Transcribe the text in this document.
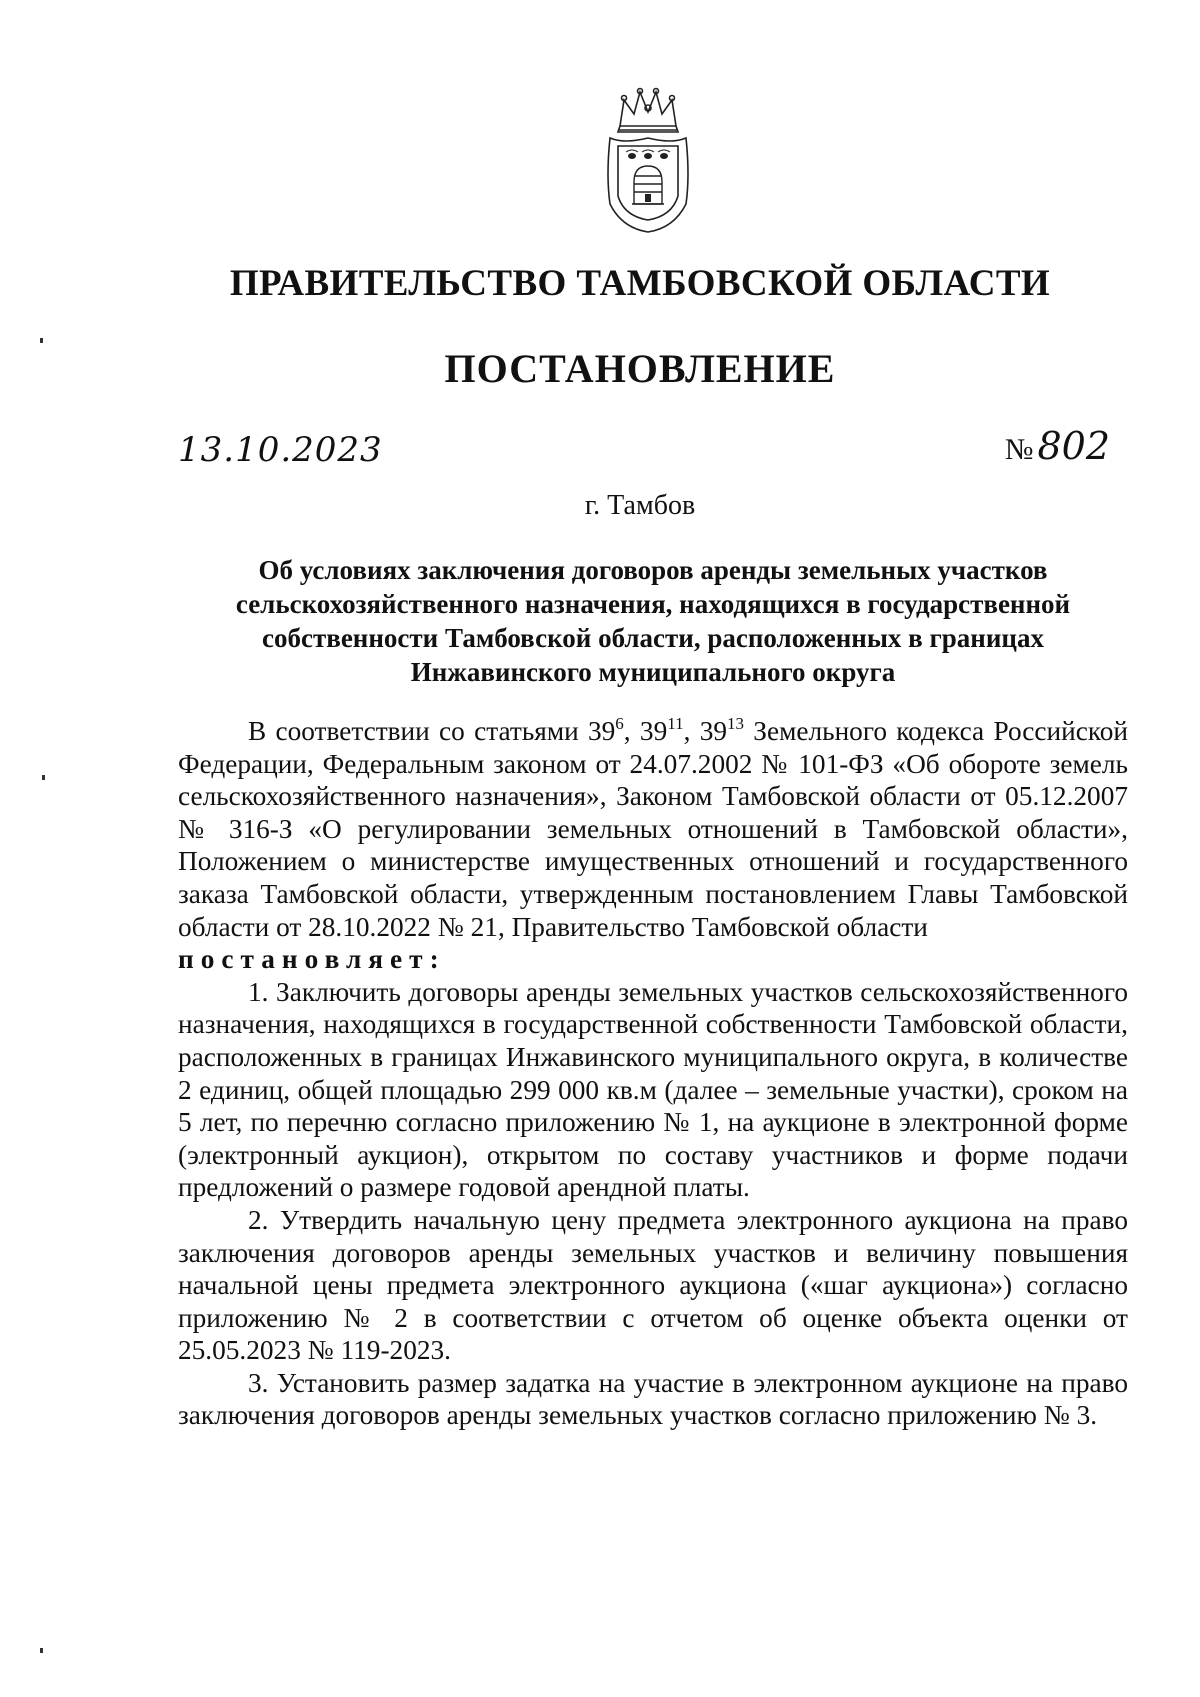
ПРАВИТЕЛЬСТВО ТАМБОВСКОЙ ОБЛАСТИ
ПОСТАНОВЛЕНИЕ
13.10.2023	№ 802
г. Тамбов
Об условиях заключения договоров аренды земельных участков
сельскохозяйственного назначения, находящихся в государственной
собственности Тамбовской области, расположенных в границах
Инжавинского муниципального округа

В соответствии со статьями $39^6$, $39^{11}$, $39^{13}$ Земельного кодекса Российской Федерации, Федеральным законом от 24.07.2002 № 101-ФЗ «Об обороте земель сельскохозяйственного назначения», Законом Тамбовской области от 05.12.2007 № 316-З «О регулировании земельных отношений в Тамбовской области», Положением о министерстве имущественных отношений и государственного заказа Тамбовской области, утвержденным постановлением Главы Тамбовской области от 28.10.2022 № 21, Правительство Тамбовской области

постановляет:

1. Заключить договоры аренды земельных участков сельскохозяйственного назначения, находящихся в государственной собственности Тамбовской области, расположенных в границах Инжавинского муниципального округа, в количестве 2 единиц, общей площадью 299 000 кв.м (далее – земельные участки), сроком на 5 лет, по перечню согласно приложению № 1, на аукционе в электронной форме (электронный аукцион), открытом по составу участников и форме подачи предложений о размере годовой арендной платы.

2. Утвердить начальную цену предмета электронного аукциона на право заключения договоров аренды земельных участков и величину повышения начальной цены предмета электронного аукциона («шаг аукциона») согласно приложению № 2 в соответствии с отчетом об оценке объекта оценки от 25.05.2023 № 119-2023.

3. Установить размер задатка на участие в электронном аукционе на право заключения договоров аренды земельных участков согласно приложению № 3.
